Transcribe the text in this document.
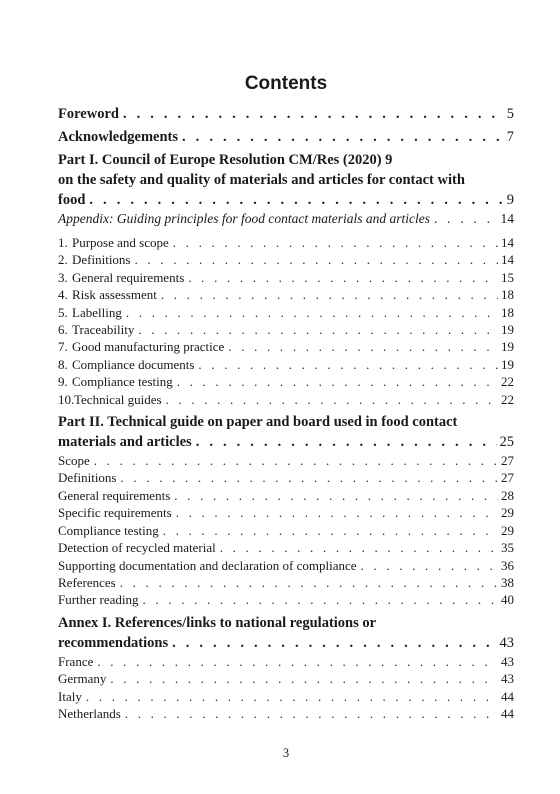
Contents
Foreword . . .	5
Acknowledgements . . .	7
Part I. Council of Europe Resolution CM/Res (2020) 9
on the safety and quality of materials and articles for contact with
food . . .	9
Appendix: Guiding principles for food contact materials and articles . . .	14
1. Purpose and scope . . .	14
2. Definitions . . .	14
3. General requirements . . .	15
4. Risk assessment . . .	18
5. Labelling . . .	18
6. Traceability . . .	19
7. Good manufacturing practice . . .	19
8. Compliance documents . . .	19
9. Compliance testing . . .	22
10.Technical guides . . .	22
Part II. Technical guide on paper and board used in food contact
materials and articles . . .	25
Scope . . .	27
Definitions . . .	27
General requirements . . .	28
Specific requirements . . .	29
Compliance testing . . .	29
Detection of recycled material . . .	35
Supporting documentation and declaration of compliance . . .	36
References . . .	38
Further reading . . .	40
Annex I. References/links to national regulations or
recommendations . . .	43
France . . .	43
Germany . . .	43
Italy . . .	44
Netherlands . . .	44
3
